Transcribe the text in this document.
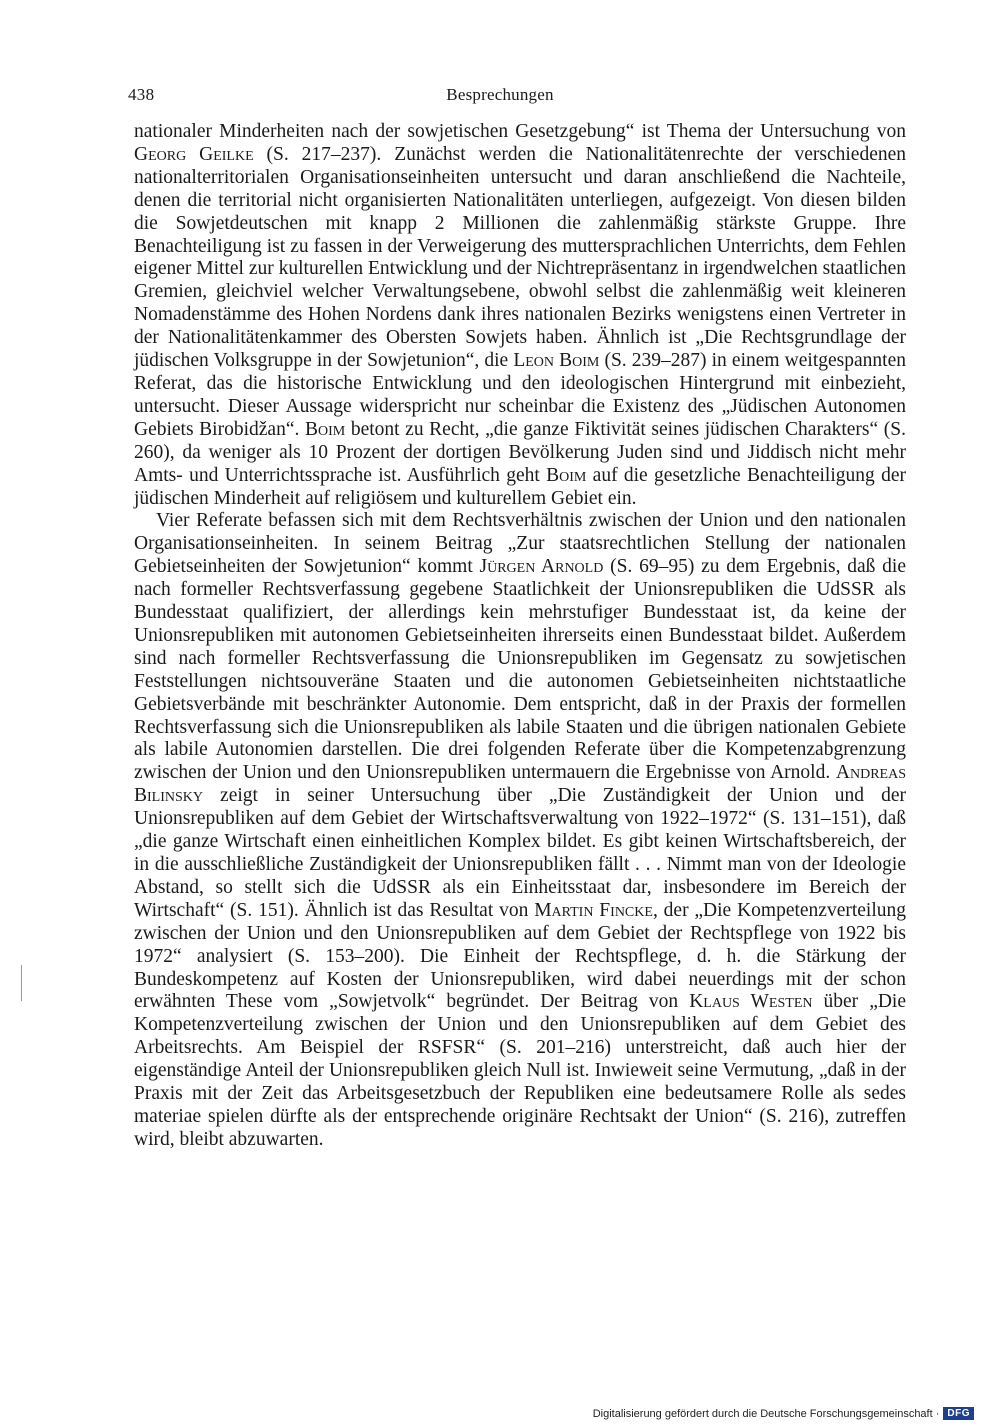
438	Besprechungen

nationaler Minderheiten nach der sowjetischen Gesetzgebung“ ist Thema der Untersuchung von Georg Geilke (S. 217–237). Zunächst werden die Nationalitätenrechte der verschiedenen nationalterritorialen Organisationseinheiten untersucht und daran anschließend die Nachteile, denen die territorial nicht organisierten Nationalitäten unterliegen, aufgezeigt. Von diesen bilden die Sowjetdeutschen mit knapp 2 Millionen die zahlenmäßig stärkste Gruppe. Ihre Benachteiligung ist zu fassen in der Verweigerung des muttersprachlichen Unterrichts, dem Fehlen eigener Mittel zur kulturellen Entwicklung und der Nichtrepräsentanz in irgendwelchen staatlichen Gremien, gleichviel welcher Verwaltungsebene, obwohl selbst die zahlenmäßig weit kleineren Nomadenstämme des Hohen Nordens dank ihres nationalen Bezirks wenigstens einen Vertreter in der Nationalitätenkammer des Obersten Sowjets haben. Ähnlich ist „Die Rechtsgrundlage der jüdischen Volksgruppe in der Sowjetunion“, die Leon Boim (S. 239–287) in einem weitgespannten Referat, das die historische Entwicklung und den ideologischen Hintergrund mit einbezieht, untersucht. Dieser Aussage widerspricht nur scheinbar die Existenz des „Jüdischen Autonomen Gebiets Birobidžan“. Boim betont zu Recht, „die ganze Fiktivität seines jüdischen Charakters“ (S. 260), da weniger als 10 Prozent der dortigen Bevölkerung Juden sind und Jiddisch nicht mehr Amts- und Unterrichtssprache ist. Ausführlich geht Boim auf die gesetzliche Benachteiligung der jüdischen Minderheit auf religiösem und kulturellem Gebiet ein.

Vier Referate befassen sich mit dem Rechtsverhältnis zwischen der Union und den nationalen Organisationseinheiten. In seinem Beitrag „Zur staatsrechtlichen Stellung der nationalen Gebietseinheiten der Sowjetunion“ kommt Jürgen Arnold (S. 69–95) zu dem Ergebnis, daß die nach formeller Rechtsverfassung gegebene Staatlichkeit der Unionsrepubliken die UdSSR als Bundesstaat qualifiziert, der allerdings kein mehrstufiger Bundesstaat ist, da keine der Unionsrepubliken mit autonomen Gebietseinheiten ihrerseits einen Bundesstaat bildet. Außerdem sind nach formeller Rechtsverfassung die Unionsrepubliken im Gegensatz zu sowjetischen Feststellungen nichtsouveräne Staaten und die autonomen Gebietseinheiten nichtstaatliche Gebietsverbände mit beschränkter Autonomie. Dem entspricht, daß in der Praxis der formellen Rechtsverfassung sich die Unionsrepubliken als labile Staaten und die übrigen nationalen Gebiete als labile Autonomien darstellen. Die drei folgenden Referate über die Kompetenzabgrenzung zwischen der Union und den Unionsrepubliken untermauern die Ergebnisse von Arnold. Andreas Bilinsky zeigt in seiner Untersuchung über „Die Zuständigkeit der Union und der Unionsrepubliken auf dem Gebiet der Wirtschaftsverwaltung von 1922–1972“ (S. 131–151), daß „die ganze Wirtschaft einen einheitlichen Komplex bildet. Es gibt keinen Wirtschaftsbereich, der in die ausschließliche Zuständigkeit der Unionsrepubliken fällt . . . Nimmt man von der Ideologie Abstand, so stellt sich die UdSSR als ein Einheitsstaat dar, insbesondere im Bereich der Wirtschaft“ (S. 151). Ähnlich ist das Resultat von Martin Fincke, der „Die Kompetenzverteilung zwischen der Union und den Unionsrepubliken auf dem Gebiet der Rechtspflege von 1922 bis 1972“ analysiert (S. 153–200). Die Einheit der Rechtspflege, d. h. die Stärkung der Bundeskompetenz auf Kosten der Unionsrepubliken, wird dabei neuerdings mit der schon erwähnten These vom „Sowjetvolk“ begründet. Der Beitrag von Klaus Westen über „Die Kompetenzverteilung zwischen der Union und den Unionsrepubliken auf dem Gebiet des Arbeitsrechts. Am Beispiel der RSFSR“ (S. 201–216) unterstreicht, daß auch hier der eigenständige Anteil der Unionsrepubliken gleich Null ist. Inwieweit seine Vermutung, „daß in der Praxis mit der Zeit das Arbeitsgesetzbuch der Republiken eine bedeutsamere Rolle als sedes materiae spielen dürfte als der entsprechende originäre Rechtsakt der Union“ (S. 216), zutreffen wird, bleibt abzuwarten.

Digitalisierung gefördert durch die Deutsche Forschungsgemeinschaft · DFG
